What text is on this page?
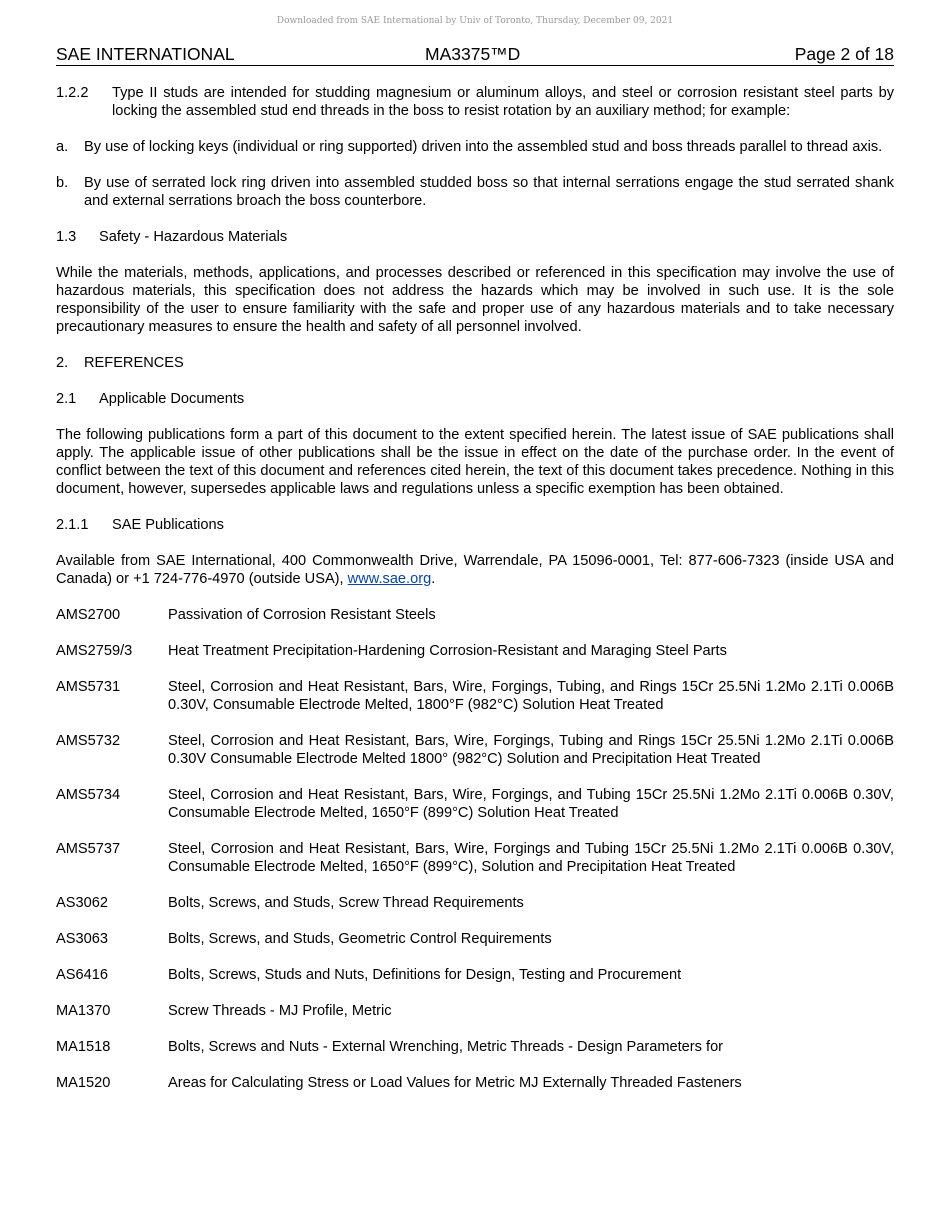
Downloaded from SAE International by Univ of Toronto, Thursday, December 09, 2021
SAE INTERNATIONAL	MA3375™D	Page 2 of 18
1.2.2	Type II studs are intended for studding magnesium or aluminum alloys, and steel or corrosion resistant steel parts by locking the assembled stud end threads in the boss to resist rotation by an auxiliary method; for example:
a.	By use of locking keys (individual or ring supported) driven into the assembled stud and boss threads parallel to thread axis.
b.	By use of serrated lock ring driven into assembled studded boss so that internal serrations engage the stud serrated shank and external serrations broach the boss counterbore.
1.3	Safety - Hazardous Materials

While the materials, methods, applications, and processes described or referenced in this specification may involve the use of hazardous materials, this specification does not address the hazards which may be involved in such use. It is the sole responsibility of the user to ensure familiarity with the safe and proper use of any hazardous materials and to take necessary precautionary measures to ensure the health and safety of all personnel involved.

2.	REFERENCES
2.1	Applicable Documents

The following publications form a part of this document to the extent specified herein. The latest issue of SAE publications shall apply. The applicable issue of other publications shall be the issue in effect on the date of the purchase order. In the event of conflict between the text of this document and references cited herein, the text of this document takes precedence. Nothing in this document, however, supersedes applicable laws and regulations unless a specific exemption has been obtained.

2.1.1	SAE Publications

Available from SAE International, 400 Commonwealth Drive, Warrendale, PA 15096-0001, Tel: 877-606-7323 (inside USA and Canada) or +1 724-776-4970 (outside USA), www.sae.org.

AMS2700	Passivation of Corrosion Resistant Steels
AMS2759/3	Heat Treatment Precipitation-Hardening Corrosion-Resistant and Maraging Steel Parts
AMS5731	Steel, Corrosion and Heat Resistant, Bars, Wire, Forgings, Tubing, and Rings 15Cr 25.5Ni 1.2Mo 2.1Ti 0.006B 0.30V, Consumable Electrode Melted, 1800°F (982°C) Solution Heat Treated
AMS5732	Steel, Corrosion and Heat Resistant, Bars, Wire, Forgings, Tubing and Rings 15Cr 25.5Ni 1.2Mo 2.1Ti 0.006B 0.30V Consumable Electrode Melted 1800° (982°C) Solution and Precipitation Heat Treated
AMS5734	Steel, Corrosion and Heat Resistant, Bars, Wire, Forgings, and Tubing 15Cr 25.5Ni 1.2Mo 2.1Ti 0.006B 0.30V, Consumable Electrode Melted, 1650°F (899°C) Solution Heat Treated
AMS5737	Steel, Corrosion and Heat Resistant, Bars, Wire, Forgings and Tubing 15Cr 25.5Ni 1.2Mo 2.1Ti 0.006B 0.30V, Consumable Electrode Melted, 1650°F (899°C), Solution and Precipitation Heat Treated
AS3062	Bolts, Screws, and Studs, Screw Thread Requirements
AS3063	Bolts, Screws, and Studs, Geometric Control Requirements
AS6416	Bolts, Screws, Studs and Nuts, Definitions for Design, Testing and Procurement
MA1370	Screw Threads - MJ Profile, Metric
MA1518	Bolts, Screws and Nuts - External Wrenching, Metric Threads - Design Parameters for
MA1520	Areas for Calculating Stress or Load Values for Metric MJ Externally Threaded Fasteners
